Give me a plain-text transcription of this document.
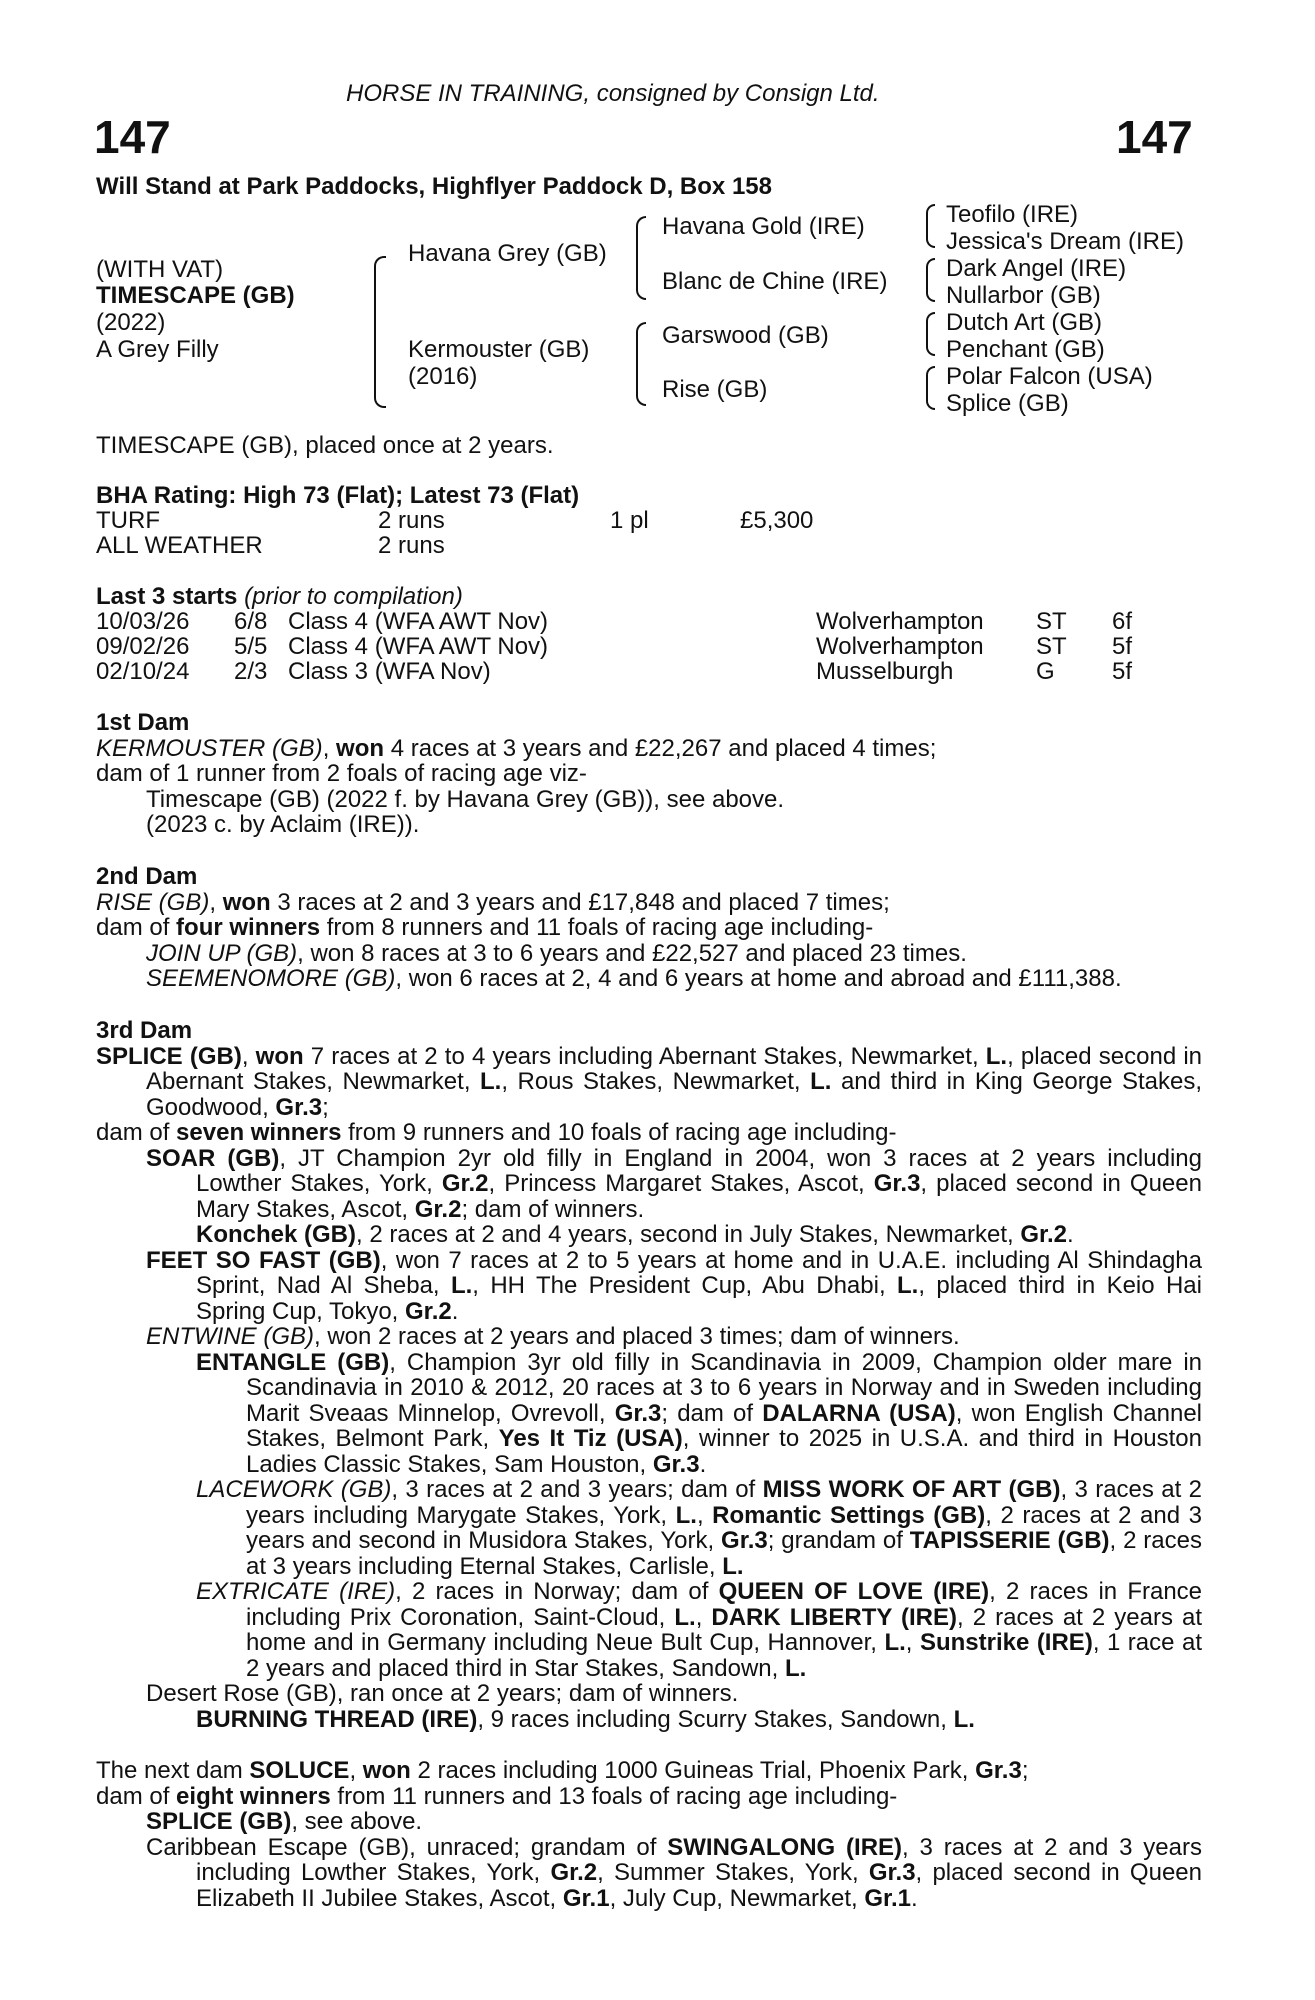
HORSE IN TRAINING, consigned by Consign Ltd.
147	147
Will Stand at Park Paddocks, Highflyer Paddock D, Box 158
(WITH VAT)
TIMESCAPE (GB)
(2022)
A Grey Filly
Havana Grey (GB)
Kermouster (GB)
(2016)
Havana Gold (IRE)
Blanc de Chine (IRE)
Garswood (GB)
Rise (GB)
Teofilo (IRE)
Jessica's Dream (IRE)
Dark Angel (IRE)
Nullarbor (GB)
Dutch Art (GB)
Penchant (GB)
Polar Falcon (USA)
Splice (GB)
TIMESCAPE (GB), placed once at 2 years.
BHA Rating: High 73 (Flat); Latest 73 (Flat)
TURF	2 runs	1 pl	£5,300
ALL WEATHER	2 runs
Last 3 starts (prior to compilation)
10/03/26 6/8 Class 4 (WFA AWT Nov)	Wolverhampton ST 6f
09/02/26 5/5 Class 4 (WFA AWT Nov)	Wolverhampton ST 5f
02/10/24 2/3 Class 3 (WFA Nov)	Musselburgh	G 5f
1st Dam
KERMOUSTER (GB), won 4 races at 3 years and £22,267 and placed 4 times;
dam of 1 runner from 2 foals of racing age viz-
Timescape (GB) (2022 f. by Havana Grey (GB)), see above.
(2023 c. by Aclaim (IRE)).
2nd Dam
RISE (GB), won 3 races at 2 and 3 years and £17,848 and placed 7 times;
dam of four winners from 8 runners and 11 foals of racing age including-
JOIN UP (GB), won 8 races at 3 to 6 years and £22,527 and placed 23 times.
SEEMENOMORE (GB), won 6 races at 2, 4 and 6 years at home and abroad and £111,388.
3rd Dam
SPLICE (GB), won 7 races at 2 to 4 years including Abernant Stakes, Newmarket, L., placed second in Abernant Stakes, Newmarket, L., Rous Stakes, Newmarket, L. and third in King George Stakes, Goodwood, Gr.3;
dam of seven winners from 9 runners and 10 foals of racing age including-
SOAR (GB), JT Champion 2yr old filly in England in 2004, won 3 races at 2 years including Lowther Stakes, York, Gr.2, Princess Margaret Stakes, Ascot, Gr.3, placed second in Queen Mary Stakes, Ascot, Gr.2; dam of winners.
Konchek (GB), 2 races at 2 and 4 years, second in July Stakes, Newmarket, Gr.2.
FEET SO FAST (GB), won 7 races at 2 to 5 years at home and in U.A.E. including Al Shindagha Sprint, Nad Al Sheba, L., HH The President Cup, Abu Dhabi, L., placed third in Keio Hai Spring Cup, Tokyo, Gr.2.
ENTWINE (GB), won 2 races at 2 years and placed 3 times; dam of winners.
ENTANGLE (GB), Champion 3yr old filly in Scandinavia in 2009, Champion older mare in Scandinavia in 2010 & 2012, 20 races at 3 to 6 years in Norway and in Sweden including Marit Sveaas Minnelop, Ovrevoll, Gr.3; dam of DALARNA (USA), won English Channel Stakes, Belmont Park, Yes It Tiz (USA), winner to 2025 in U.S.A. and third in Houston Ladies Classic Stakes, Sam Houston, Gr.3.
LACEWORK (GB), 3 races at 2 and 3 years; dam of MISS WORK OF ART (GB), 3 races at 2 years including Marygate Stakes, York, L., Romantic Settings (GB), 2 races at 2 and 3 years and second in Musidora Stakes, York, Gr.3; grandam of TAPISSERIE (GB), 2 races at 3 years including Eternal Stakes, Carlisle, L.
EXTRICATE (IRE), 2 races in Norway; dam of QUEEN OF LOVE (IRE), 2 races in France including Prix Coronation, Saint-Cloud, L., DARK LIBERTY (IRE), 2 races at 2 years at home and in Germany including Neue Bult Cup, Hannover, L., Sunstrike (IRE), 1 race at 2 years and placed third in Star Stakes, Sandown, L.
Desert Rose (GB), ran once at 2 years; dam of winners.
BURNING THREAD (IRE), 9 races including Scurry Stakes, Sandown, L.
The next dam SOLUCE, won 2 races including 1000 Guineas Trial, Phoenix Park, Gr.3;
dam of eight winners from 11 runners and 13 foals of racing age including-
SPLICE (GB), see above.
Caribbean Escape (GB), unraced; grandam of SWINGALONG (IRE), 3 races at 2 and 3 years including Lowther Stakes, York, Gr.2, Summer Stakes, York, Gr.3, placed second in Queen Elizabeth II Jubilee Stakes, Ascot, Gr.1, July Cup, Newmarket, Gr.1.
